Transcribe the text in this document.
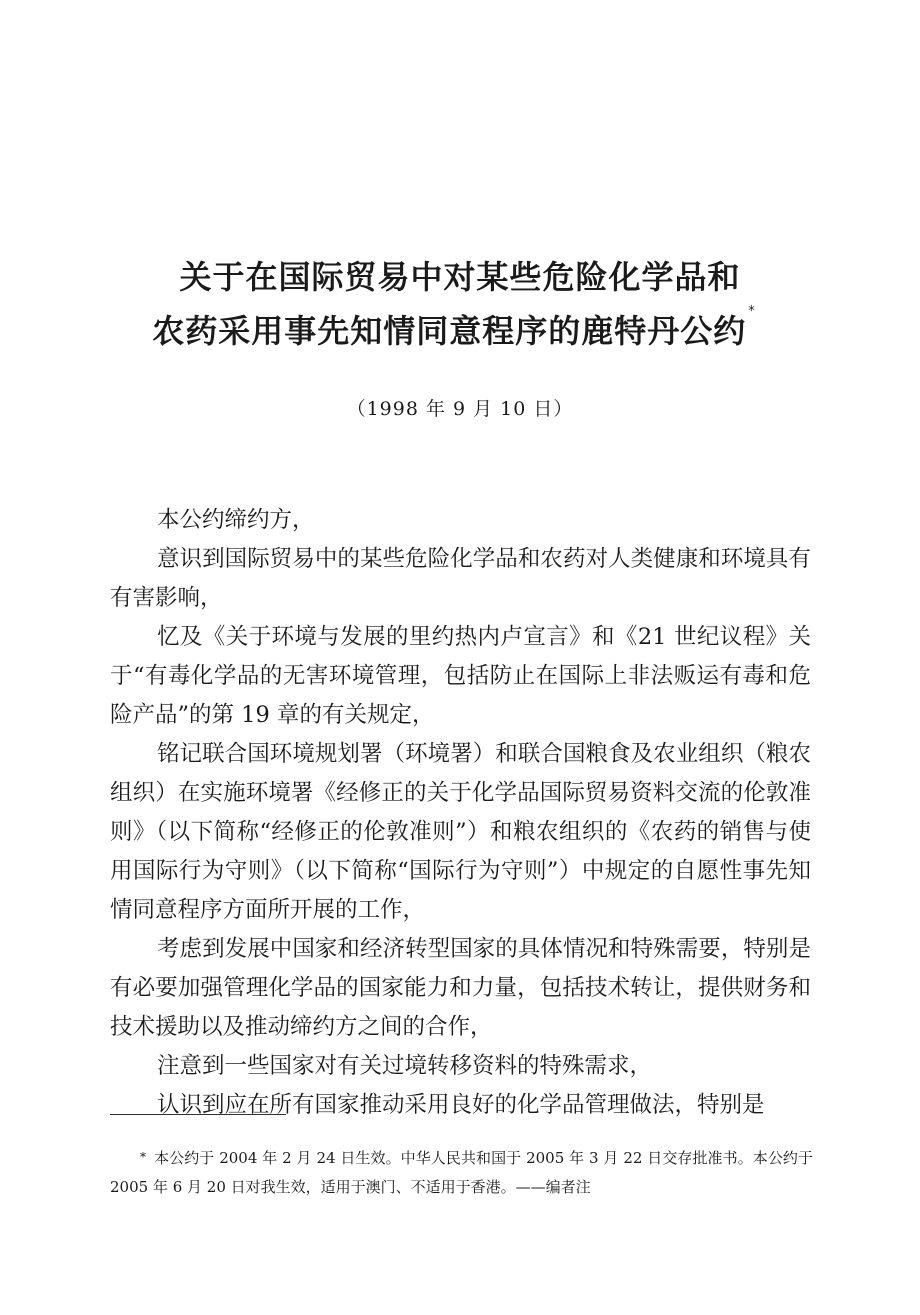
关于在国际贸易中对某些危险化学品和
农药采用事先知情同意程序的鹿特丹公约*
（1998 年 9 月 10 日）

本公约缔约方，

意识到国际贸易中的某些危险化学品和农药对人类健康和环境具有有害影响，

忆及《关于环境与发展的里约热内卢宣言》和《21 世纪议程》关于“有毒化学品的无害环境管理，包括防止在国际上非法贩运有毒和危险产品”的第 19 章的有关规定，

铭记联合国环境规划署（环境署）和联合国粮食及农业组织（粮农组织）在实施环境署《经修正的关于化学品国际贸易资料交流的伦敦准则》（以下简称“经修正的伦敦准则”）和粮农组织的《农药的销售与使用国际行为守则》（以下简称“国际行为守则”）中规定的自愿性事先知情同意程序方面所开展的工作，

考虑到发展中国家和经济转型国家的具体情况和特殊需要，特别是有必要加强管理化学品的国家能力和力量，包括技术转让，提供财务和技术援助以及推动缔约方之间的合作，

注意到一些国家对有关过境转移资料的特殊需求，

认识到应在所有国家推动采用良好的化学品管理做法，特别是

* 本公约于 2004 年 2 月 24 日生效。中华人民共和国于 2005 年 3 月 22 日交存批准书。本公约于 2005 年 6 月 20 日对我生效，适用于澳门、不适用于香港。——编者注
